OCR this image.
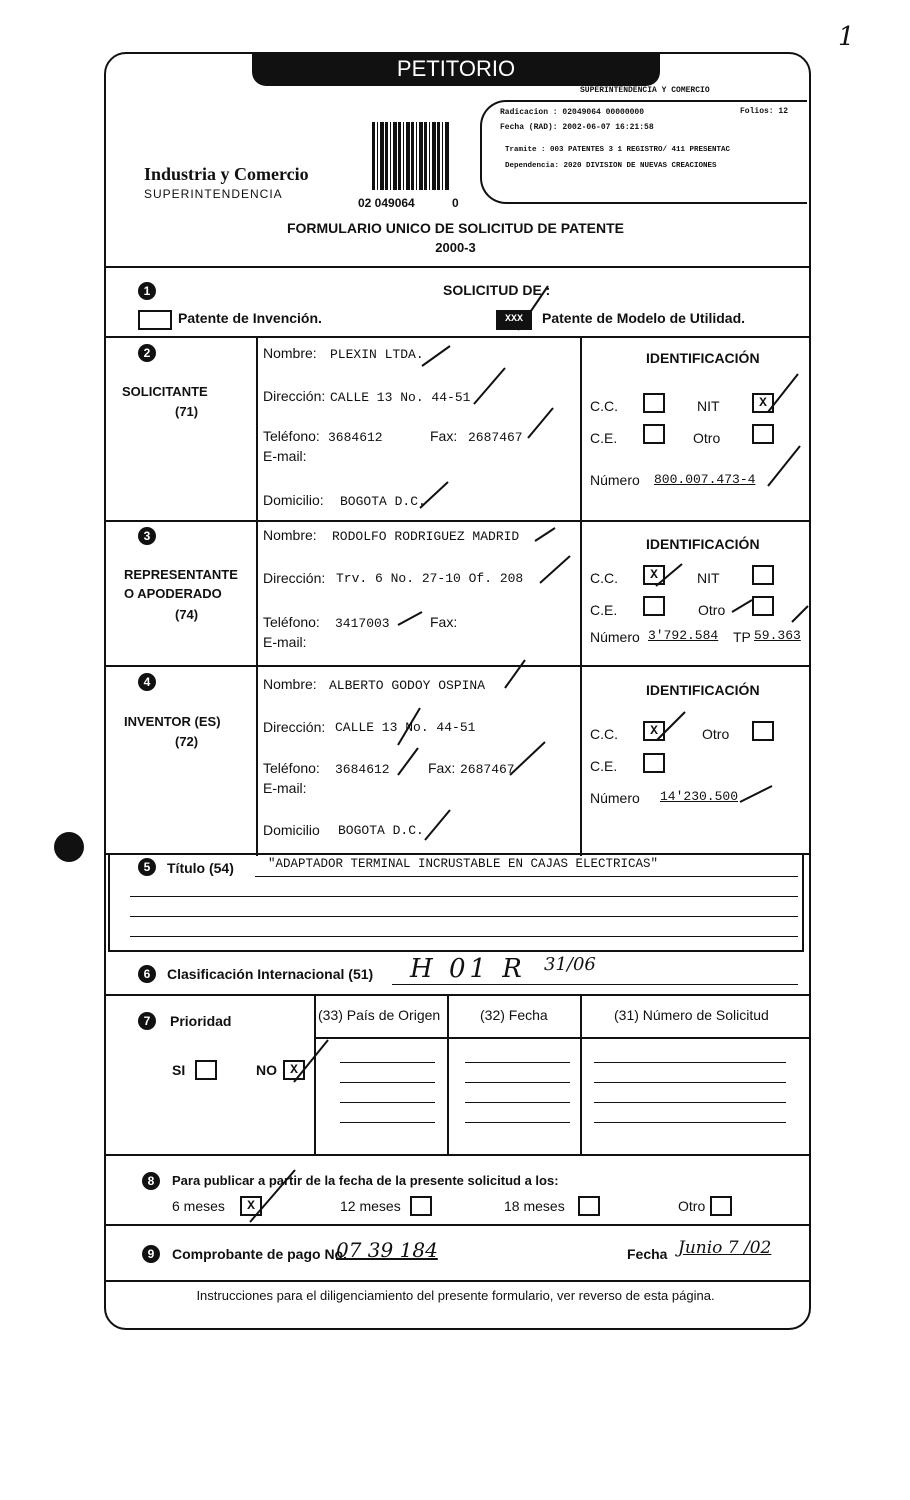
1
PETITORIO
Industria y Comercio
SUPERINTENDENCIA
02 049064	0
SUPERINTENDENCIA Y COMERCIO
Radicacion : 02049064 00000000	Folios: 12
Fecha (RAD): 2002-06-07 16:21:58
Tramite : 003 PATENTES 3 1 REGISTRO/ 411 PRESENTAC
Dependencia: 2020 DIVISION DE NUEVAS CREACIONES
FORMULARIO UNICO DE SOLICITUD DE PATENTE
2000-3
1	SOLICITUD DE :
Patente de Invención.	XXX	Patente de Modelo de Utilidad.
2
SOLICITANTE
(71)
Nombre: PLEXIN LTDA.
Dirección: CALLE 13 No. 44-51
Teléfono: 3684612	Fax: 2687467
E-mail:
Domicilio: BOGOTA D.C.
IDENTIFICACIÓN
C.C.	NIT	X
C.E.	Otro
Número 800.007.473-4
3
REPRESENTANTE
O APODERADO
(74)
Nombre: RODOLFO RODRIGUEZ MADRID
Dirección: Trv. 6 No. 27-10 Of. 208
Teléfono: 3417003	Fax:
E-mail:
IDENTIFICACIÓN
C.C.	X	NIT
C.E.	Otro
Número 3'792.584 TP 59.363
4
INVENTOR (ES)
(72)
Nombre: ALBERTO GODOY OSPINA
Dirección: CALLE 13 No. 44-51
Teléfono: 3684612	Fax: 2687467
E-mail:
Domicilio BOGOTA D.C.
IDENTIFICACIÓN
C.C.	X	Otro
C.E.
Número 14'230.500
5	Título (54)	"ADAPTADOR TERMINAL INCRUSTABLE EN CAJAS ELECTRICAS"
6	Clasificación Internacional (51) H 01 R 31/06
7	Prioridad	(33) País de Origen	(32) Fecha	(31) Número de Solicitud
SI	NO	X
8	Para publicar a partir de la fecha de la presente solicitud a los:
6 meses	X	12 meses	18 meses	Otro
9	Comprobante de pago No.
07 39 184	Fecha Junio 7 /02
Instrucciones para el diligenciamiento del presente formulario, ver reverso de esta página.
